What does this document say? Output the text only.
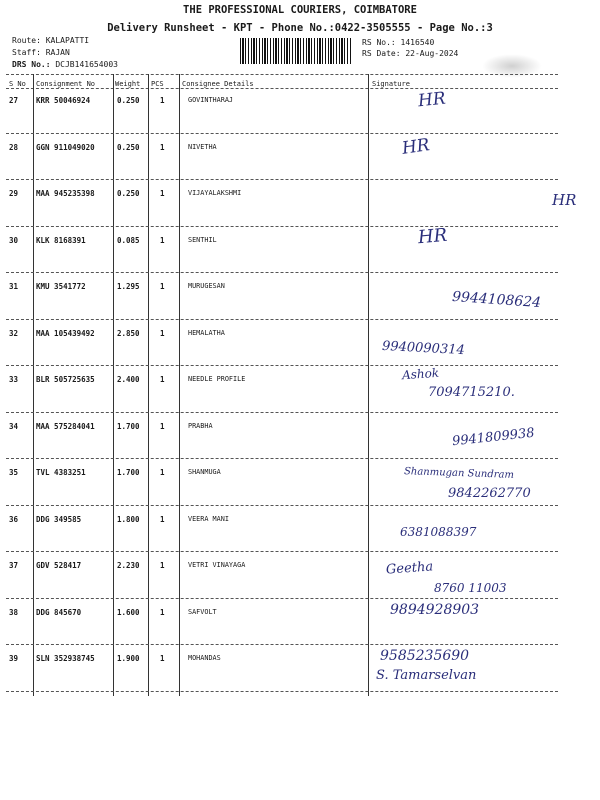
THE PROFESSIONAL COURIERS, COIMBATORE
Delivery Runsheet - KPT - Phone No.:0422-3505555 - Page No.:3
Route: KALAPATTI
Staff: RAJAN
DRS No.: DCJB141654003
RS No.: 1416540
RS Date: 22-Aug-2024
S No Consignment No	Weight PCS	Consignee Details	Signature
27 KRR 50046924	0.250	1	GOVINTHARAJ	HR
28 GGN 911049020	0.250	1	NIVETHA	HR
29 MAA 945235398	0.250	1	VIJAYALAKSHMI	HR
30 KLK 8168391	0.085	1	SENTHIL	HR
31 KMU 3541772	1.295	1	MURUGESAN
9944108624
32 MAA 105439492	2.850	1	HEMALATHA
9940090314
33 BLR 505725635	2.400	1	NEEDLE PROFILE	Ashok
7094715210.
34 MAA 575284041	1.700	1	PRABHA	9941809938
35 TVL 4383251	1.700	1	SHANMUGA	Shanmugan Sundram
9842262770
36 DDG 349585	1.800	1	VEERA MANI
6381088397
37 GDV 528417	2.230	1	VETRI VINAYAGA	Geetha
8760 11003
38 DDG 845670	1.600	1	SAFVOLT	9894928903
39 SLN 352938745	1.900	1	MOHANDAS	9585235690
S. Tamarselvan
